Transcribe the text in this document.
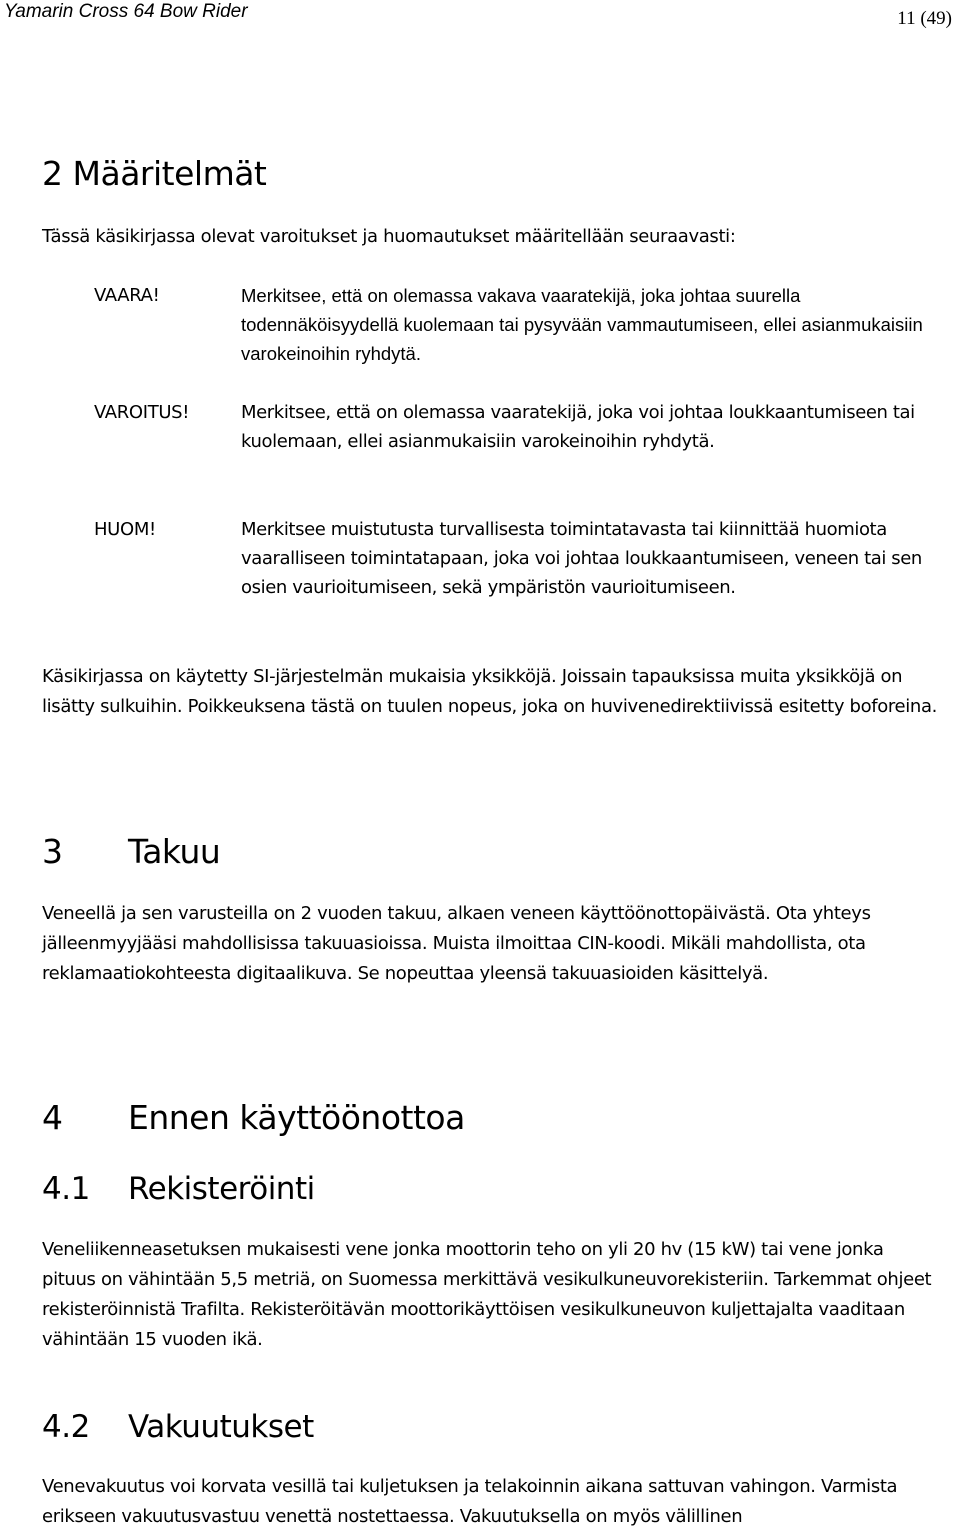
Yamarin Cross 64 Bow Rider	11 (49)
2 Määritelmät

Tässä käsikirjassa olevat varoitukset ja huomautukset määritellään seuraavasti:

VAARA!	Merkitsee, että on olemassa vakava vaaratekijä, joka johtaa suurella todennäköisyydellä kuolemaan tai pysyvään vammautumiseen, ellei asianmukaisiin varokeinoihin ryhdytä.

VAROITUS!	Merkitsee, että on olemassa vaaratekijä, joka voi johtaa loukkaantumiseen tai kuolemaan, ellei asianmukaisiin varokeinoihin ryhdytä.

HUOM!	Merkitsee muistutusta turvallisesta toimintatavasta tai kiinnittää huomiota vaaralliseen toimintatapaan, joka voi johtaa loukkaantumiseen, veneen tai sen osien vaurioitumiseen, sekä ympäristön vaurioitumiseen.

Käsikirjassa on käytetty SI-järjestelmän mukaisia yksikköjä. Joissain tapauksissa muita yksikköjä on lisätty sulkuihin. Poikkeuksena tästä on tuulen nopeus, joka on huvivenedirektiivissä esitetty boforeina.

3 Takuu

Veneellä ja sen varusteilla on 2 vuoden takuu, alkaen veneen käyttöönottopäivästä. Ota yhteys jälleenmyyjääsi mahdollisissa takuuasioissa. Muista ilmoittaa CIN-koodi. Mikäli mahdollista, ota reklamaatiokohteesta digitaalikuva. Se nopeuttaa yleensä takuuasioiden käsittelyä.

4 Ennen käyttöönottoa
4.1 Rekisteröinti

Veneliikenneasetuksen mukaisesti vene jonka moottorin teho on yli 20 hv (15 kW) tai vene jonka pituus on vähintään 5,5 metriä, on Suomessa merkittävä vesikulkuneuvorekisteriin. Tarkemmat ohjeet rekisteröinnistä Trafilta. Rekisteröitävän moottorikäyttöisen vesikulkuneuvon kuljettajalta vaaditaan vähintään 15 vuoden ikä.

4.2 Vakuutukset

Venevakuutus voi korvata vesillä tai kuljetuksen ja telakoinnin aikana sattuvan vahingon. Varmista erikseen vakuutusvastuu venettä nostettaessa. Vakuutuksella on myös välillinen
